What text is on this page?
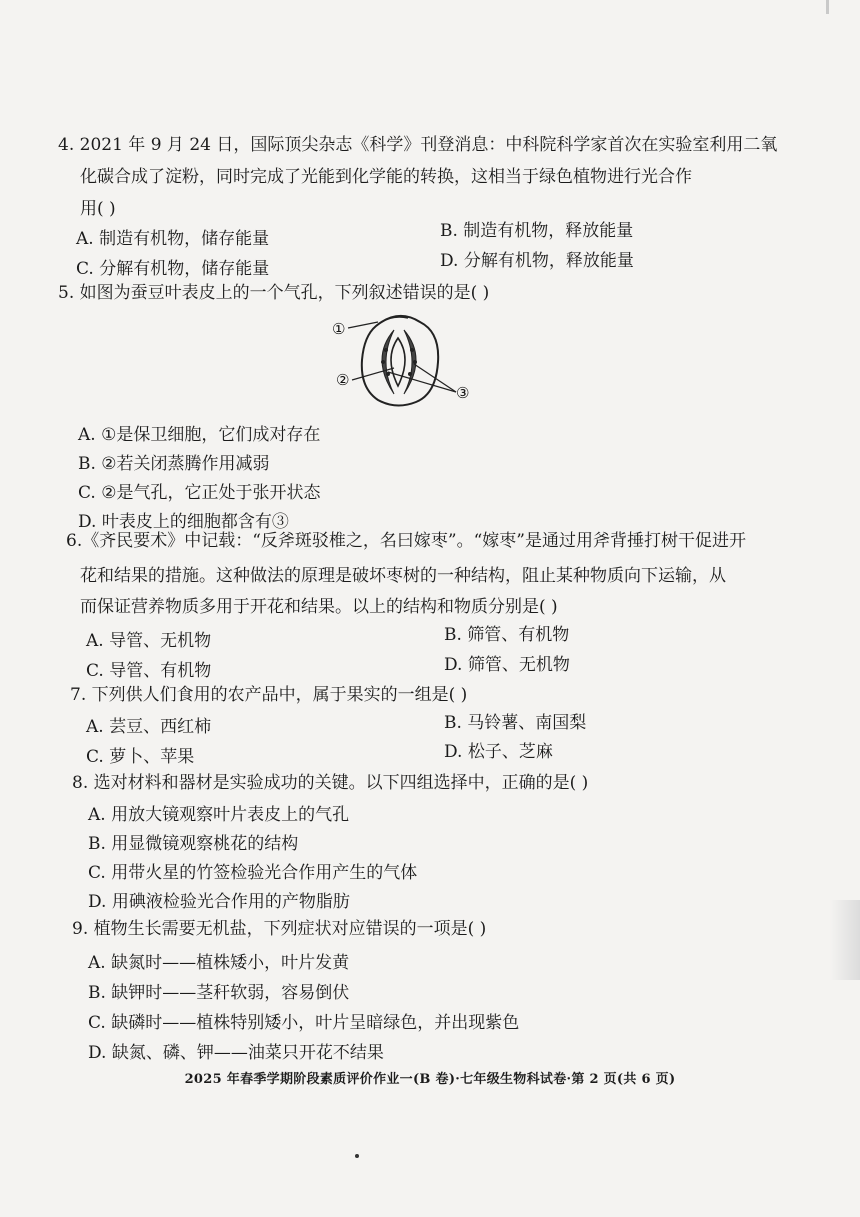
4. 2021 年 9 月 24 日，国际顶尖杂志《科学》刊登消息：中科院科学家首次在实验室利用二氧
化碳合成了淀粉，同时完成了光能到化学能的转换，这相当于绿色植物进行光合作
用( )
A. 制造有机物，储存能量	B. 制造有机物，释放能量
C. 分解有机物，储存能量	D. 分解有机物，释放能量
5. 如图为蚕豆叶表皮上的一个气孔，下列叙述错误的是( )
①
②
③
A. ①是保卫细胞，它们成对存在
B. ②若关闭蒸腾作用减弱
C. ②是气孔，它正处于张开状态
D. 叶表皮上的细胞都含有③
6.《齐民要术》中记载：“反斧斑驳椎之，名曰嫁枣”。“嫁枣”是通过用斧背捶打树干促进开
花和结果的措施。这种做法的原理是破坏枣树的一种结构，阻止某种物质向下运输，从
而保证营养物质多用于开花和结果。以上的结构和物质分别是( )
A. 导管、无机物	B. 筛管、有机物
C. 导管、有机物	D. 筛管、无机物
7. 下列供人们食用的农产品中，属于果实的一组是( )
A. 芸豆、西红柿	B. 马铃薯、南国梨
C. 萝卜、苹果	D. 松子、芝麻
8. 选对材料和器材是实验成功的关键。以下四组选择中，正确的是( )
A. 用放大镜观察叶片表皮上的气孔
B. 用显微镜观察桃花的结构
C. 用带火星的竹签检验光合作用产生的气体
D. 用碘液检验光合作用的产物脂肪
9. 植物生长需要无机盐，下列症状对应错误的一项是( )
A. 缺氮时——植株矮小，叶片发黄
B. 缺钾时——茎秆软弱，容易倒伏
C. 缺磷时——植株特别矮小，叶片呈暗绿色，并出现紫色
D. 缺氮、磷、钾——油菜只开花不结果
2025 年春季学期阶段素质评价作业一(B 卷)·七年级生物科试卷·第 2 页(共 6 页)
